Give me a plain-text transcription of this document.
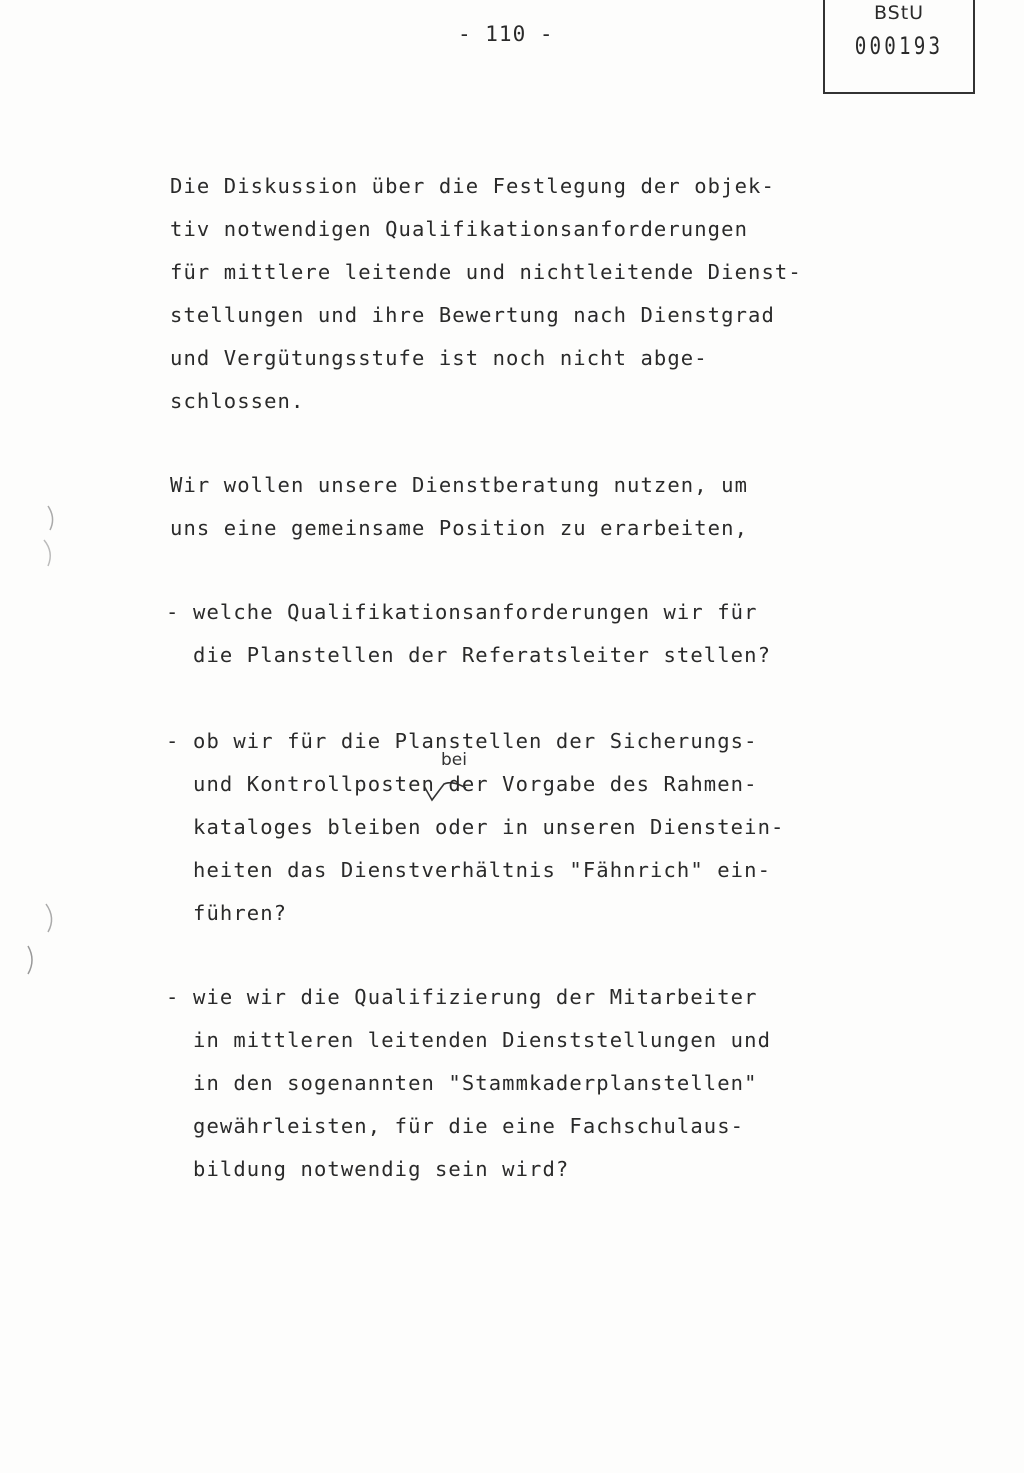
- 110 -
BStU
000193
Die Diskussion über die Festlegung der objek-
tiv notwendigen Qualifikationsanforderungen
für mittlere leitende und nichtleitende Dienst-
stellungen und ihre Bewertung nach Dienstgrad
und Vergütungsstufe ist noch nicht abge-
schlossen.
Wir wollen unsere Dienstberatung nutzen, um
uns eine gemeinsame Position zu erarbeiten,
- welche Qualifikationsanforderungen wir für
die Planstellen der Referatsleiter stellen?
- ob wir für die Planstellen der Sicherungs-
bei
und Kontrollposten der Vorgabe des Rahmen-
kataloges bleiben oder in unseren Dienstein-
heiten das Dienstverhältnis "Fähnrich" ein-
führen?
- wie wir die Qualifizierung der Mitarbeiter
in mittleren leitenden Dienststellungen und
in den sogenannten "Stammkaderplanstellen"
gewährleisten, für die eine Fachschulaus-
bildung notwendig sein wird?
